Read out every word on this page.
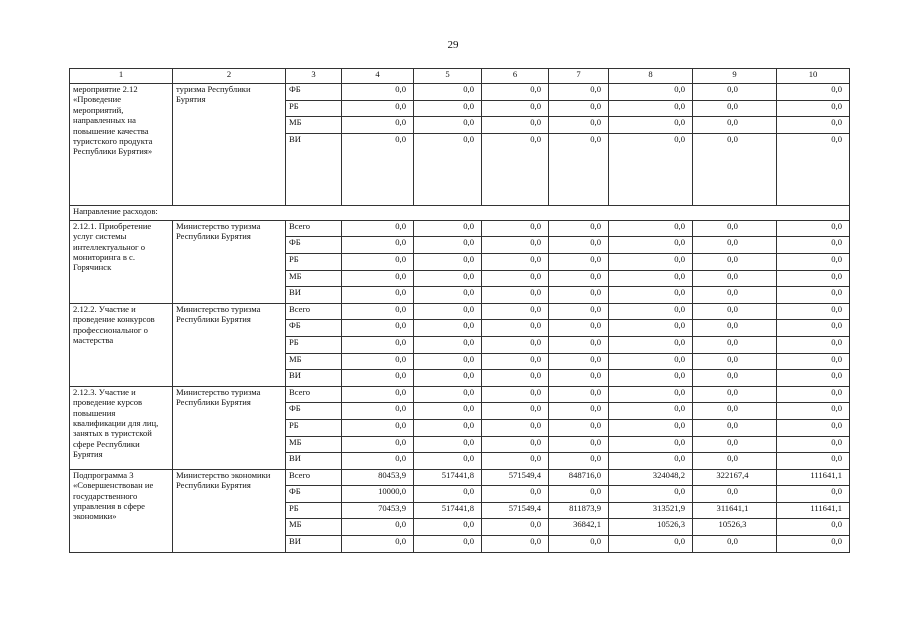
29
1	2	3	4	5	6	7	8	9	10
мероприятие 2.12 «Проведение мероприятий, направленных на повышение качества туристского продукта Республики Бурятия»	туризма Республики Бурятия	ФБ	0,0	0,0	0,0	0,0	0,0	0,0	0,0
		РБ	0,0	0,0	0,0	0,0	0,0	0,0	0,0
		МБ	0,0	0,0	0,0	0,0	0,0	0,0	0,0
		ВИ	0,0	0,0	0,0	0,0	0,0	0,0	0,0
Направление расходов:									
2.12.1. Приобретение услуг системы интеллектуальног о мониторинга в с. Горячинск	Министерство туризма Республики Бурятия	Всего	0,0	0,0	0,0	0,0	0,0	0,0	0,0
		ФБ	0,0	0,0	0,0	0,0	0,0	0,0	0,0
		РБ	0,0	0,0	0,0	0,0	0,0	0,0	0,0
		МБ	0,0	0,0	0,0	0,0	0,0	0,0	0,0
		ВИ	0,0	0,0	0,0	0,0	0,0	0,0	0,0
2.12.2. Участие и проведение конкурсов профессиональног о мастерства	Министерство туризма Республики Бурятия	Всего	0,0	0,0	0,0	0,0	0,0	0,0	0,0
		ФБ	0,0	0,0	0,0	0,0	0,0	0,0	0,0
		РБ	0,0	0,0	0,0	0,0	0,0	0,0	0,0
		МБ	0,0	0,0	0,0	0,0	0,0	0,0	0,0
		ВИ	0,0	0,0	0,0	0,0	0,0	0,0	0,0
2.12.3. Участие и проведение курсов повышения квалификации для лиц, занятых в туристской сфере Республики Бурятия	Министерство туризма Республики Бурятия	Всего	0,0	0,0	0,0	0,0	0,0	0,0	0,0
		ФБ	0,0	0,0	0,0	0,0	0,0	0,0	0,0
		РБ	0,0	0,0	0,0	0,0	0,0	0,0	0,0
		МБ	0,0	0,0	0,0	0,0	0,0	0,0	0,0
		ВИ	0,0	0,0	0,0	0,0	0,0	0,0	0,0
Подпрограмма 3 «Совершенствован ие государственного управления в сфере экономики»	Министерство экономики Республики Бурятия	Всего	80453,9	517441,8	571549,4	848716,0	324048,2	322167,4	111641,1
		ФБ	10000,0	0,0	0,0	0,0	0,0	0,0	0,0
		РБ	70453,9	517441,8	571549,4	811873,9	313521,9	311641,1	111641,1
		МБ	0,0	0,0	0,0	36842,1	10526,3	10526,3	0,0
		ВИ	0,0	0,0	0,0	0,0	0,0	0,0	0,0
